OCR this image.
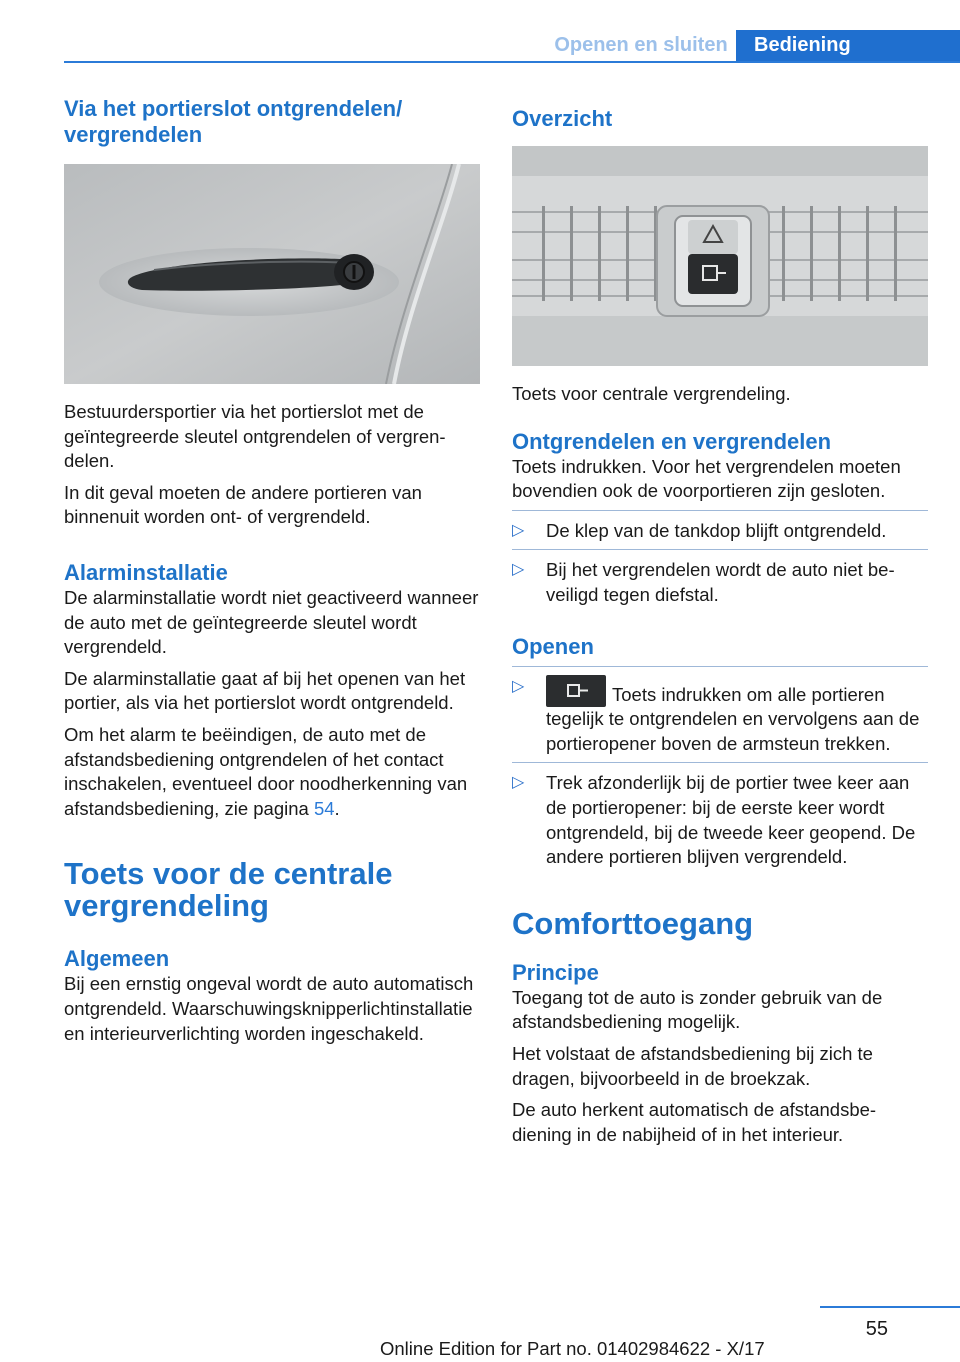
Openen en sluiten	Bediening
Via het portierslot ontgrendelen/ vergrendelen

Bestuurdersportier via het portierslot met de geïntegreerde sleutel ontgrendelen of vergrendelen.

In dit geval moeten de andere portieren van binnenuit worden ont- of vergrendeld.

Alarminstallatie

De alarminstallatie wordt niet geactiveerd wanneer de auto met de geïntegreerde sleutel wordt vergrendeld.

De alarminstallatie gaat af bij het openen van het portier, als via het portierslot wordt ontgrendeld.

Om het alarm te beëindigen, de auto met de afstandsbediening ontgrendelen of het contact inschakelen, eventueel door noodherkenning van afstandsbediening, zie pagina 54.

Toets voor de centrale vergrendeling
Algemeen

Bij een ernstig ongeval wordt de auto automatisch ontgrendeld. Waarschuwingsknipperlichtinstallatie en interieurverlichting worden ingeschakeld.

Overzicht

Toets voor centrale vergrendeling.

Ontgrendelen en vergrendelen

Toets indrukken. Voor het vergrendelen moeten bovendien ook de voorportieren zijn gesloten.

▷ De klep van de tankdop blijft ontgrendeld.
▷ Bij het vergrendelen wordt de auto niet beveiligd tegen diefstal.
Openen
▷	Toets indrukken om alle portieren tegelijk te ontgrendelen en vervolgens aan de portieropener boven de armsteun trekken.
▷ Trek afzonderlijk bij de portier twee keer aan de portieropener: bij de eerste keer wordt ontgrendeld, bij de tweede keer geopend. De andere portieren blijven vergrendeld.
Comforttoegang
Principe

Toegang tot de auto is zonder gebruik van de afstandsbediening mogelijk.

Het volstaat de afstandsbediening bij zich te dragen, bijvoorbeeld in de broekzak.

De auto herkent automatisch de afstandsbediening in de nabijheid of in het interieur.

55
Online Edition for Part no. 01402984622 - X/17
